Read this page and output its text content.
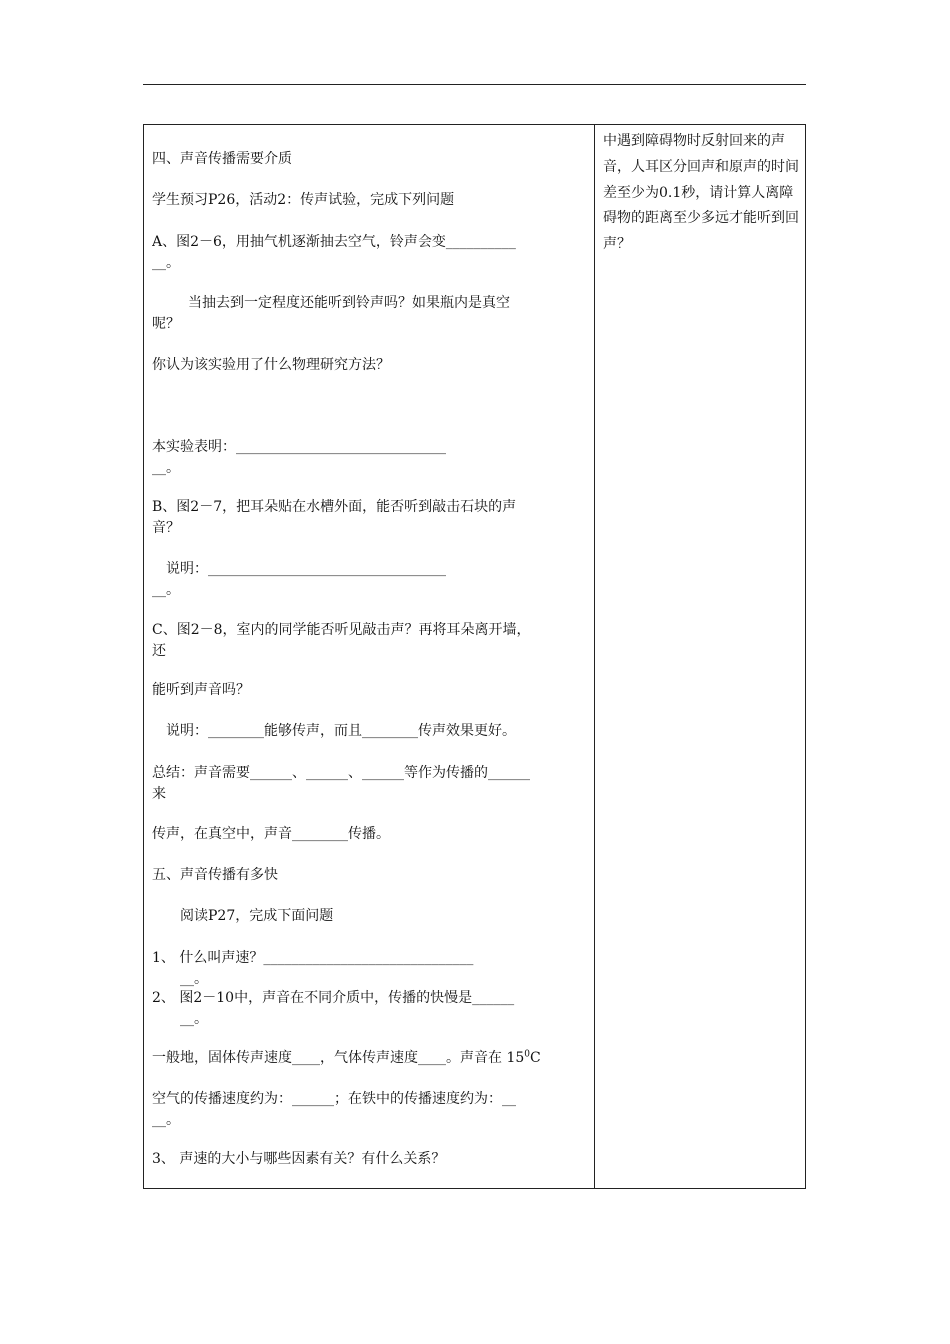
四、声音传播需要介质
学生预习P26，活动2：传声试验，完成下列问题
A、图2－6，用抽气机逐渐抽去空气，铃声会变__________
__。
当抽去到一定程度还能听到铃声吗？如果瓶内是真空
呢？
你认为该实验用了什么物理研究方法？
本实验表明：______________________________
__。
B、图2－7，把耳朵贴在水槽外面，能否听到敲击石块的声
音？
说明：__________________________________
__。
C、图2－8，室内的同学能否听见敲击声？再将耳朵离开墙，
还
能听到声音吗？
说明：________能够传声，而且________传声效果更好。
总结：声音需要______、______、______等作为传播的______
来
传声，在真空中，声音________传播。
五、声音传播有多快
阅读P27，完成下面问题
1、 什么叫声速？______________________________
__。
2、 图2－10中，声音在不同介质中，传播的快慢是______
__。
一般地，固体传声速度____，气体传声速度____。声音在 $15^0C$
空气的传播速度约为：______；在铁中的传播速度约为：__
__。
3、 声速的大小与哪些因素有关？有什么关系？
中遇到障碍物时反射回来的声音，人耳区分回声和原声的时间差至少为0.1秒，请计算人离障碍物的距离至少多远才能听到回声？
